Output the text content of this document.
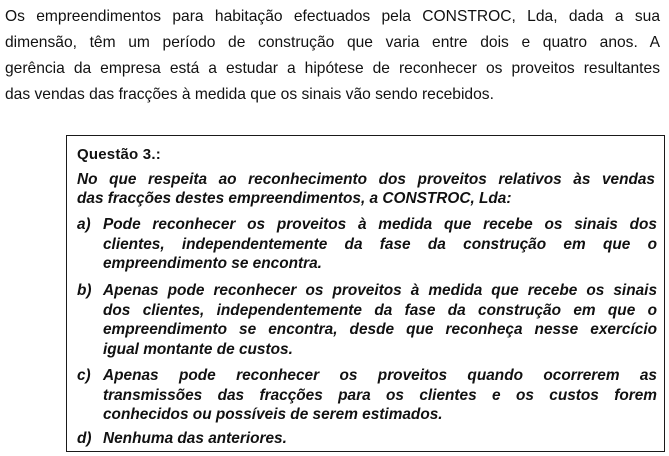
Os empreendimentos para habitação efectuados pela CONSTROC, Lda, dada a sua
dimensão, têm um período de construção que varia entre dois e quatro anos. A
gerência da empresa está a estudar a hipótese de reconhecer os proveitos resultantes
das vendas das fracções à medida que os sinais vão sendo recebidos.
Questão 3.:
No que respeita ao reconhecimento dos proveitos relativos às vendas
das fracções destes empreendimentos, a CONSTROC, Lda:
a) Pode reconhecer os proveitos à medida que recebe os sinais dos
clientes, independentemente da fase da construção em que o
empreendimento se encontra.
b) Apenas pode reconhecer os proveitos à medida que recebe os sinais
dos clientes, independentemente da fase da construção em que o
empreendimento se encontra, desde que reconheça nesse exercício
igual montante de custos.
c) Apenas pode reconhecer os proveitos quando ocorrerem as
transmissões das fracções para os clientes e os custos forem
conhecidos ou possíveis de serem estimados.
d) Nenhuma das anteriores.
